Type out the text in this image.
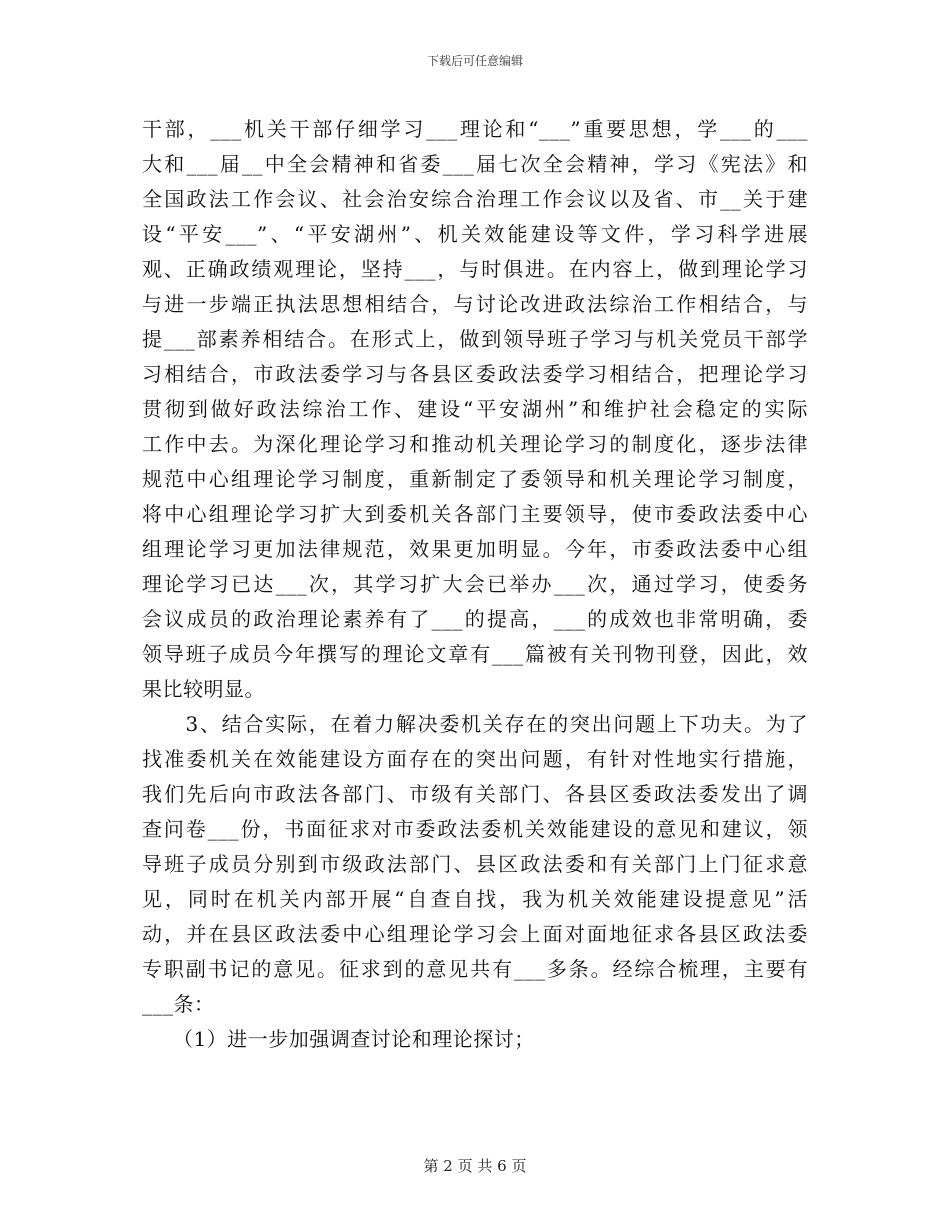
下载后可任意编辑
干部，___机关干部仔细学习___理论和“___”重要思想，学___的___
大和___届__中全会精神和省委___届七次全会精神，学习《宪法》和
全国政法工作会议、社会治安综合治理工作会议以及省、市__关于建
设“平安___”、“平安湖州”、机关效能建设等文件，学习科学进展
观、正确政绩观理论，坚持___，与时俱进。在内容上，做到理论学习
与进一步端正执法思想相结合，与讨论改进政法综治工作相结合，与
提___部素养相结合。在形式上，做到领导班子学习与机关党员干部学
习相结合，市政法委学习与各县区委政法委学习相结合，把理论学习
贯彻到做好政法综治工作、建设“平安湖州”和维护社会稳定的实际
工作中去。为深化理论学习和推动机关理论学习的制度化，逐步法律
规范中心组理论学习制度，重新制定了委领导和机关理论学习制度，
将中心组理论学习扩大到委机关各部门主要领导，使市委政法委中心
组理论学习更加法律规范，效果更加明显。今年，市委政法委中心组
理论学习已达___次，其学习扩大会已举办___次，通过学习，使委务
会议成员的政治理论素养有了___的提高，___的成效也非常明确，委
领导班子成员今年撰写的理论文章有___篇被有关刊物刊登，因此，效
果比较明显。
　　3、结合实际，在着力解决委机关存在的突出问题上下功夫。为了
找准委机关在效能建设方面存在的突出问题，有针对性地实行措施，
我们先后向市政法各部门、市级有关部门、各县区委政法委发出了调
查问卷___份，书面征求对市委政法委机关效能建设的意见和建议，领
导班子成员分别到市级政法部门、县区政法委和有关部门上门征求意
见，同时在机关内部开展“自查自找，我为机关效能建设提意见”活
动，并在县区政法委中心组理论学习会上面对面地征求各县区政法委
专职副书记的意见。征求到的意见共有___多条。经综合梳理，主要有
___条：
　　（1）进一步加强调查讨论和理论探讨；
第 2 页 共 6 页
